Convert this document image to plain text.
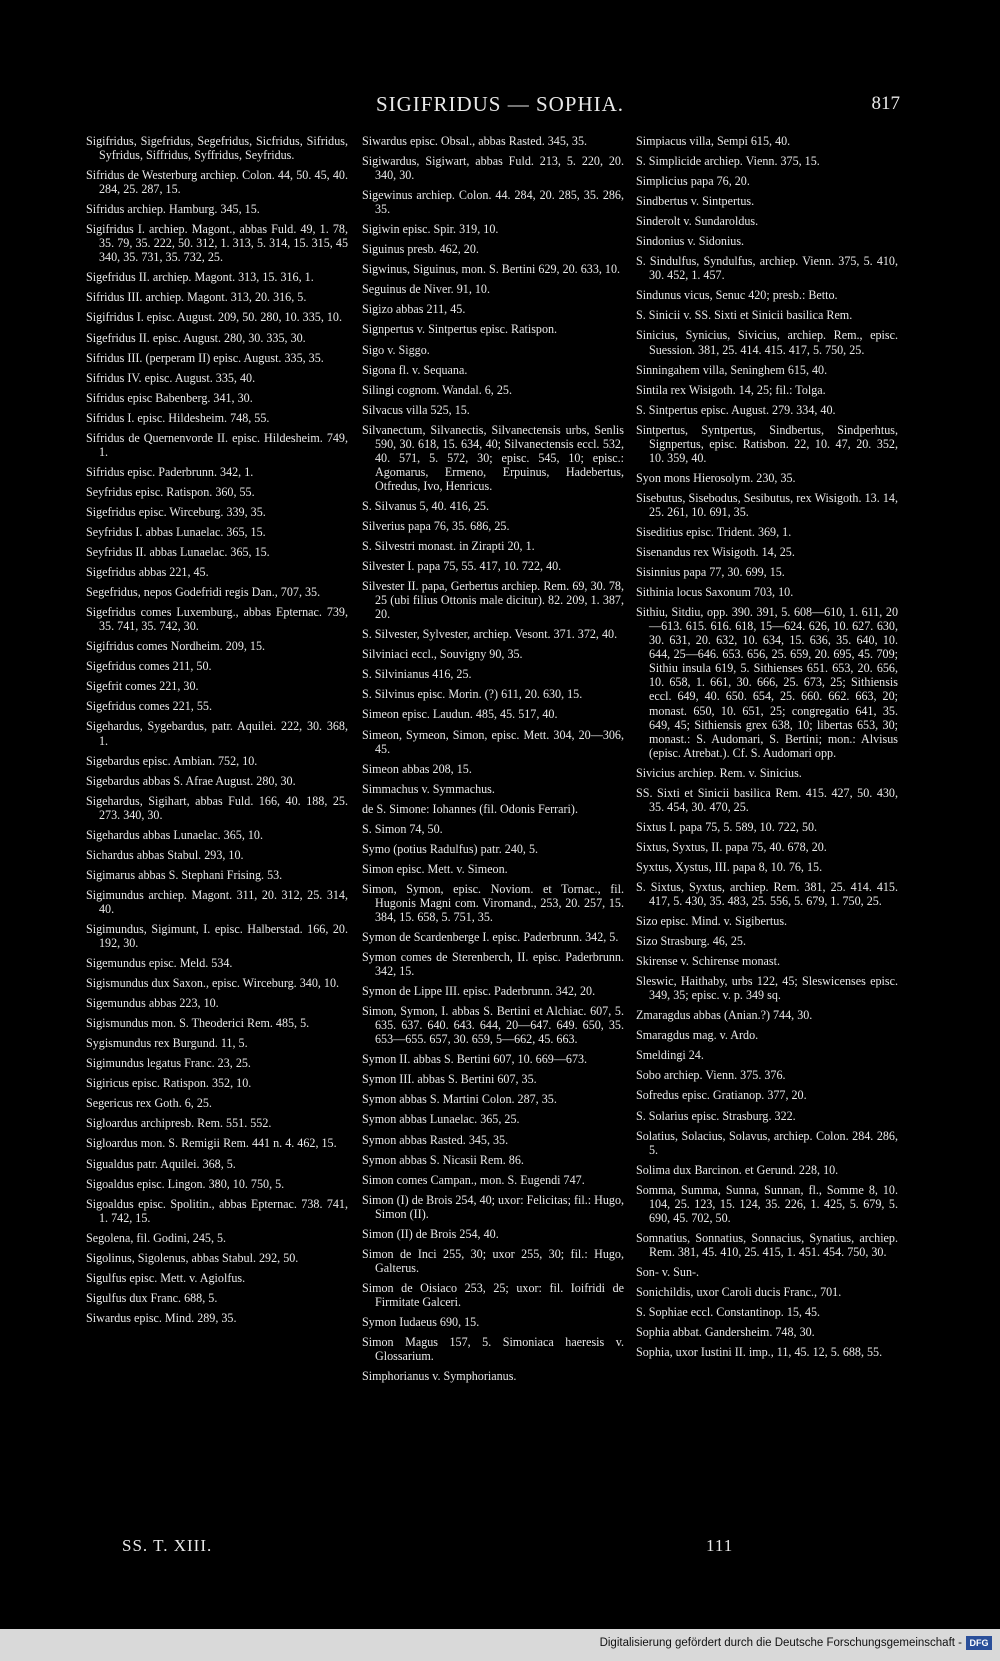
SIGIFRIDUS — SOPHIA.	817
Sigifridus, Sigefridus, Segefridus, Sicfridus, Sifridus, Syfridus, Siffridus, Syffridus, Seyfridus.
Sifridus de Westerburg archiep. Colon. 44, 50. 45, 40. 284, 25. 287, 15.
Sifridus archiep. Hamburg. 345, 15.
Sigifridus I. archiep. Magont., abbas Fuld. 49, 1. 78, 35. 79, 35. 222, 50. 312, 1. 313, 5. 314, 15. 315, 45 340, 35. 731, 35. 732, 25.
Sigefridus II. archiep. Magont. 313, 15. 316, 1.
Sifridus III. archiep. Magont. 313, 20. 316, 5.
Sigifridus I. episc. August. 209, 50. 280, 10. 335, 10.
Sigefridus II. episc. August. 280, 30. 335, 30.
Sifridus III. (perperam II) episc. August. 335, 35.
Sifridus IV. episc. August. 335, 40.
Sifridus episc Babenberg. 341, 30.
Sifridus I. episc. Hildesheim. 748, 55.
Sifridus de Quernenvorde II. episc. Hildesheim. 749, 1.
Sifridus episc. Paderbrunn. 342, 1.
Seyfridus episc. Ratispon. 360, 55.
Sigefridus episc. Wirceburg. 339, 35.
Seyfridus I. abbas Lunaelac. 365, 15.
Seyfridus II. abbas Lunaelac. 365, 15.
Sigefridus abbas 221, 45.
Segefridus, nepos Godefridi regis Dan., 707, 35.
Sigefridus comes Luxemburg., abbas Epternac. 739, 35. 741, 35. 742, 30.
Sigifridus comes Nordheim. 209, 15.
Sigefridus comes 211, 50.
Sigefrit comes 221, 30.
Sigefridus comes 221, 55.
Sigehardus, Sygebardus, patr. Aquilei. 222, 30. 368, 1.
Sigebardus episc. Ambian. 752, 10.
Sigebardus abbas S. Afrae August. 280, 30.
Sigehardus, Sigihart, abbas Fuld. 166, 40. 188, 25. 273. 340, 30.
Sigehardus abbas Lunaelac. 365, 10.
Sichardus abbas Stabul. 293, 10.
Sigimarus abbas S. Stephani Frising. 53.
Sigimundus archiep. Magont. 311, 20. 312, 25. 314, 40.
Sigimundus, Sigimunt, I. episc. Halberstad. 166, 20. 192, 30.
Sigemundus episc. Meld. 534.
Sigismundus dux Saxon., episc. Wirceburg. 340, 10.
Sigemundus abbas 223, 10.
Sigismundus mon. S. Theoderici Rem. 485, 5.
Sygismundus rex Burgund. 11, 5.
Sigimundus legatus Franc. 23, 25.
Sigiricus episc. Ratispon. 352, 10.
Segericus rex Goth. 6, 25.
Sigloardus archipresb. Rem. 551. 552.
Sigloardus mon. S. Remigii Rem. 441 n. 4. 462, 15.
Sigualdus patr. Aquilei. 368, 5.
Sigoaldus episc. Lingon. 380, 10. 750, 5.
Sigoaldus episc. Spolitin., abbas Epternac. 738. 741, 1. 742, 15.
Segolena, fil. Godini, 245, 5.
Sigolinus, Sigolenus, abbas Stabul. 292, 50.
Sigulfus episc. Mett. v. Agiolfus.
Sigulfus dux Franc. 688, 5.
Siwardus episc. Mind. 289, 35.
Siwardus episc. Obsal., abbas Rasted. 345, 35.
Sigiwardus, Sigiwart, abbas Fuld. 213, 5. 220, 20. 340, 30.
Sigewinus archiep. Colon. 44. 284, 20. 285, 35. 286, 35.
Sigiwin episc. Spir. 319, 10.
Siguinus presb. 462, 20.
Sigwinus, Siguinus, mon. S. Bertini 629, 20. 633, 10.
Seguinus de Niver. 91, 10.
Sigizo abbas 211, 45.
Signpertus v. Sintpertus episc. Ratispon.
Sigo v. Siggo.
Sigona fl. v. Sequana.
Silingi cognom. Wandal. 6, 25.
Silvacus villa 525, 15.
Silvanectum, Silvanectis, Silvanectensis urbs, Senlis 590, 30. 618, 15. 634, 40; Silvanectensis eccl. 532, 40. 571, 5. 572, 30; episc. 545, 10; episc.: Agomarus, Ermeno, Erpuinus, Hadebertus, Otfredus, Ivo, Henricus.
S. Silvanus 5, 40. 416, 25.
Silverius papa 76, 35. 686, 25.
S. Silvestri monast. in Zirapti 20, 1.
Silvester I. papa 75, 55. 417, 10. 722, 40.
Silvester II. papa, Gerbertus archiep. Rem. 69, 30. 78, 25 (ubi filius Ottonis male dicitur). 82. 209, 1. 387, 20.
S. Silvester, Sylvester, archiep. Vesont. 371. 372, 40.
Silviniaci eccl., Souvigny 90, 35.
S. Silvinianus 416, 25.
S. Silvinus episc. Morin. (?) 611, 20. 630, 15.
Simeon episc. Laudun. 485, 45. 517, 40.
Simeon, Symeon, Simon, episc. Mett. 304, 20—306, 45.
Simeon abbas 208, 15.
Simmachus v. Symmachus.
de S. Simone: Iohannes (fil. Odonis Ferrari).
S. Simon 74, 50.
Symo (potius Radulfus) patr. 240, 5.
Simon episc. Mett. v. Simeon.
Simon, Symon, episc. Noviom. et Tornac., fil. Hugonis Magni com. Viromand., 253, 20. 257, 15. 384, 15. 658, 5. 751, 35.
Symon de Scardenberge I. episc. Paderbrunn. 342, 5.
Symon comes de Sterenberch, II. episc. Paderbrunn. 342, 15.
Symon de Lippe III. episc. Paderbrunn. 342, 20.
Simon, Symon, I. abbas S. Bertini et Alchiac. 607, 5. 635. 637. 640. 643. 644, 20—647. 649. 650, 35. 653—655. 657, 30. 659, 5—662, 45. 663.
Symon II. abbas S. Bertini 607, 10. 669—673.
Symon III. abbas S. Bertini 607, 35.
Symon abbas S. Martini Colon. 287, 35.
Symon abbas Lunaelac. 365, 25.
Symon abbas Rasted. 345, 35.
Symon abbas S. Nicasii Rem. 86.
Simon comes Campan., mon. S. Eugendi 747.
Simon (I) de Brois 254, 40; uxor: Felicitas; fil.: Hugo, Simon (II).
Simon (II) de Brois 254, 40.
Simon de Inci 255, 30; uxor 255, 30; fil.: Hugo, Galterus.
Simon de Oisiaco 253, 25; uxor: fil. Ioifridi de Firmitate Galceri.
Symon Iudaeus 690, 15.
Simon Magus 157, 5. Simoniaca haeresis v. Glossarium.
Simphorianus v. Symphorianus.
Simpiacus villa, Sempi 615, 40.
S. Simplicide archiep. Vienn. 375, 15.
Simplicius papa 76, 20.
Sindbertus v. Sintpertus.
Sinderolt v. Sundaroldus.
Sindonius v. Sidonius.
S. Sindulfus, Syndulfus, archiep. Vienn. 375, 5. 410, 30. 452, 1. 457.
Sindunus vicus, Senuc 420; presb.: Betto.
S. Sinicii v. SS. Sixti et Sinicii basilica Rem.
Sinicius, Synicius, Sivicius, archiep. Rem., episc. Suession. 381, 25. 414. 415. 417, 5. 750, 25.
Sinningahem villa, Seninghem 615, 40.
Sintila rex Wisigoth. 14, 25; fil.: Tolga.
S. Sintpertus episc. August. 279. 334, 40.
Sintpertus, Syntpertus, Sindbertus, Sindperhtus, Signpertus, episc. Ratisbon. 22, 10. 47, 20. 352, 10. 359, 40.
Syon mons Hierosolym. 230, 35.
Sisebutus, Sisebodus, Sesibutus, rex Wisigoth. 13. 14, 25. 261, 10. 691, 35.
Siseditius episc. Trident. 369, 1.
Sisenandus rex Wisigoth. 14, 25.
Sisinnius papa 77, 30. 699, 15.
Sithinia locus Saxonum 703, 10.
Sithiu, Sitdiu, opp. 390. 391, 5. 608—610, 1. 611, 20—613. 615. 616. 618, 15—624. 626, 10. 627. 630, 30. 631, 20. 632, 10. 634, 15. 636, 35. 640, 10. 644, 25—646. 653. 656, 25. 659, 20. 695, 45. 709; Sithiu insula 619, 5. Sithienses 651. 653, 20. 656, 10. 658, 1. 661, 30. 666, 25. 673, 25; Sithiensis eccl. 649, 40. 650. 654, 25. 660. 662. 663, 20; monast. 650, 10. 651, 25; congregatio 641, 35. 649, 45; Sithiensis grex 638, 10; libertas 653, 30; monast.: S. Audomari, S. Bertini; mon.: Alvisus (episc. Atrebat.). Cf. S. Audomari opp.
Sivicius archiep. Rem. v. Sinicius.
SS. Sixti et Sinicii basilica Rem. 415. 427, 50. 430, 35. 454, 30. 470, 25.
Sixtus I. papa 75, 5. 589, 10. 722, 50.
Sixtus, Syxtus, II. papa 75, 40. 678, 20.
Syxtus, Xystus, III. papa 8, 10. 76, 15.
S. Sixtus, Syxtus, archiep. Rem. 381, 25. 414. 415. 417, 5. 430, 35. 483, 25. 556, 5. 679, 1. 750, 25.
Sizo episc. Mind. v. Sigibertus.
Sizo Strasburg. 46, 25.
Skirense v. Schirense monast.
Sleswic, Haithaby, urbs 122, 45; Sleswicenses episc. 349, 35; episc. v. p. 349 sq.
Zmaragdus abbas (Anian.?) 744, 30.
Smaragdus mag. v. Ardo.
Smeldingi 24.
Sobo archiep. Vienn. 375. 376.
Sofredus episc. Gratianop. 377, 20.
S. Solarius episc. Strasburg. 322.
Solatius, Solacius, Solavus, archiep. Colon. 284. 286, 5.
Solima dux Barcinon. et Gerund. 228, 10.
Somma, Summa, Sunna, Sunnan, fl., Somme 8, 10. 104, 25. 123, 15. 124, 35. 226, 1. 425, 5. 679, 5. 690, 45. 702, 50.
Somnatius, Sonnatius, Sonnacius, Synatius, archiep. Rem. 381, 45. 410, 25. 415, 1. 451. 454. 750, 30.
Son- v. Sun-.
Sonichildis, uxor Caroli ducis Franc., 701.
S. Sophiae eccl. Constantinop. 15, 45.
Sophia abbat. Gandersheim. 748, 30.
Sophia, uxor Iustini II. imp., 11, 45. 12, 5. 688, 55.
SS. T. XIII.	111
Digitalisierung gefördert durch die Deutsche Forschungsgemeinschaft - DFG
